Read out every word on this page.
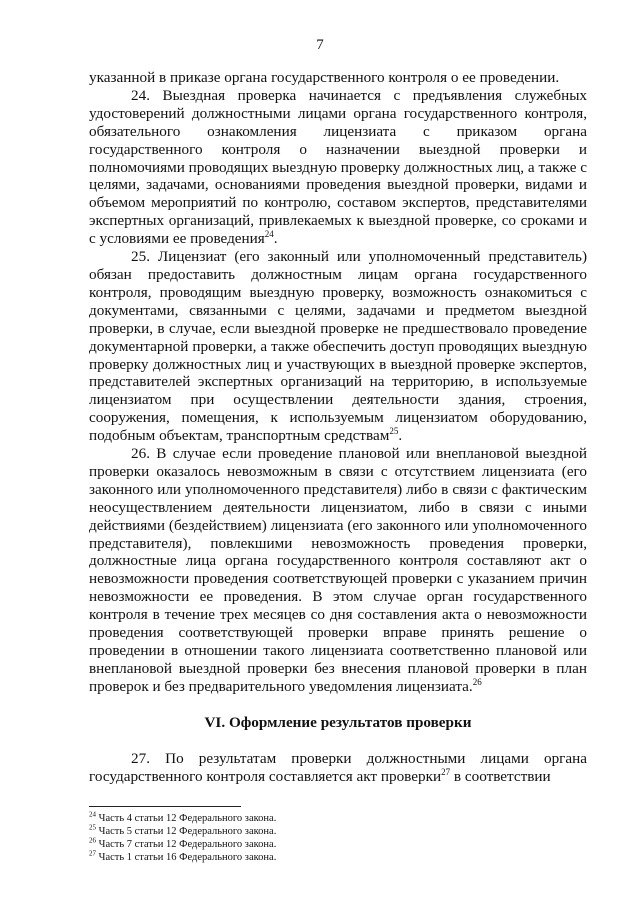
7

указанной в приказе органа государственного контроля о ее проведении.

24. Выездная проверка начинается с предъявления служебных удостоверений должностными лицами органа государственного контроля, обязательного ознакомления лицензиата с приказом органа государственного контроля о назначении выездной проверки и полномочиями проводящих выездную проверку должностных лиц, а также с целями, задачами, основаниями проведения выездной проверки, видами и объемом мероприятий по контролю, составом экспертов, представителями экспертных организаций, привлекаемых к выездной проверке, со сроками и с условиями ее проведения$^{24}$.

25. Лицензиат (его законный или уполномоченный представитель) обязан предоставить должностным лицам органа государственного контроля, проводящим выездную проверку, возможность ознакомиться с документами, связанными с целями, задачами и предметом выездной проверки, в случае, если выездной проверке не предшествовало проведение документарной проверки, а также обеспечить доступ проводящих выездную проверку должностных лиц и участвующих в выездной проверке экспертов, представителей экспертных организаций на территорию, в используемые лицензиатом при осуществлении деятельности здания, строения, сооружения, помещения, к используемым лицензиатом оборудованию, подобным объектам, транспортным средствам$^{25}$.

26. В случае если проведение плановой или внеплановой выездной проверки оказалось невозможным в связи с отсутствием лицензиата (его законного или уполномоченного представителя) либо в связи с фактическим неосуществлением деятельности лицензиатом, либо в связи с иными действиями (бездействием) лицензиата (его законного или уполномоченного представителя), повлекшими невозможность проведения проверки, должностные лица органа государственного контроля составляют акт о невозможности проведения соответствующей проверки с указанием причин невозможности ее проведения. В этом случае орган государственного контроля в течение трех месяцев со дня составления акта о невозможности проведения соответствующей проверки вправе принять решение о проведении в отношении такого лицензиата соответственно плановой или внеплановой выездной проверки без внесения плановой проверки в план проверок и без предварительного уведомления лицензиата.$^{26}$

VI. Оформление результатов проверки

27. По результатам проверки должностными лицами органа государственного контроля составляется акт проверки$^{27}$ в соответствии

$^{24}$ Часть 4 статьи 12 Федерального закона.
$^{25}$ Часть 5 статьи 12 Федерального закона.
$^{26}$ Часть 7 статьи 12 Федерального закона.
$^{27}$ Часть 1 статьи 16 Федерального закона.
